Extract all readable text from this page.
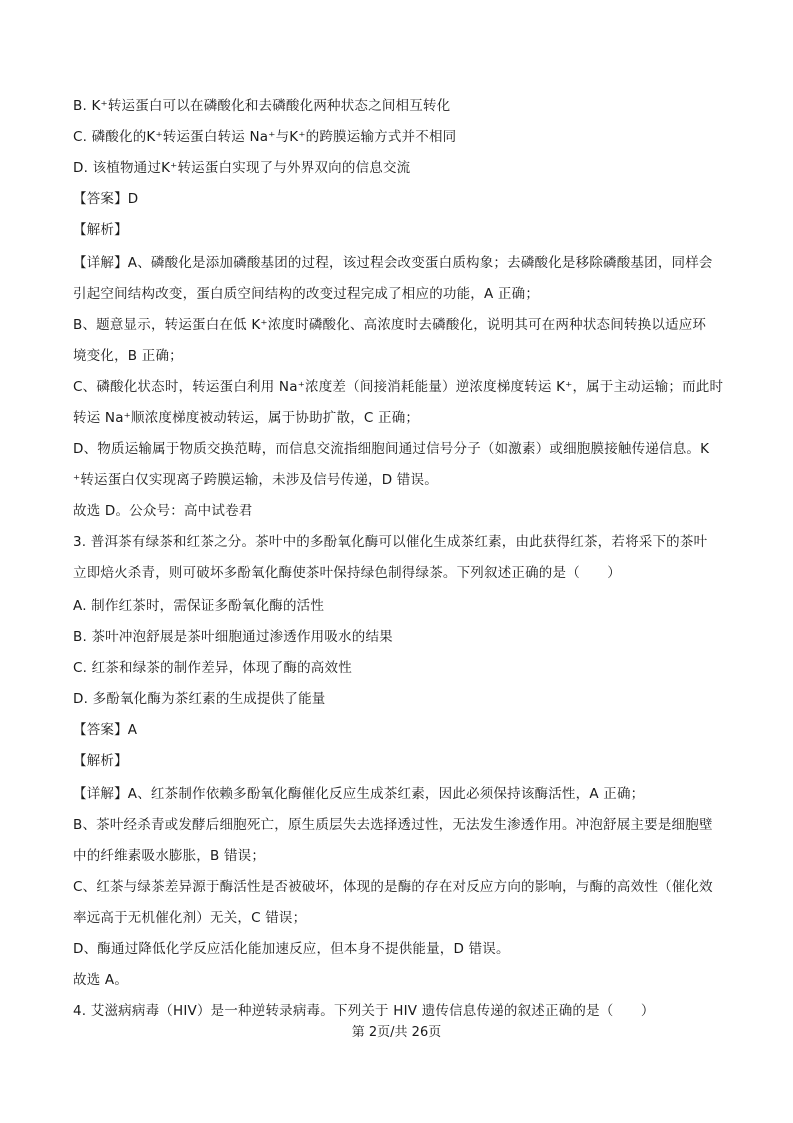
B. K⁺转运蛋白可以在磷酸化和去磷酸化两种状态之间相互转化
C. 磷酸化的K⁺转运蛋白转运 Na⁺与K⁺的跨膜运输方式并不相同
D. 该植物通过K⁺转运蛋白实现了与外界双向的信息交流
【答案】D
【解析】
【详解】A、磷酸化是添加磷酸基团的过程，该过程会改变蛋白质构象；去磷酸化是移除磷酸基团，同样会
引起空间结构改变，蛋白质空间结构的改变过程完成了相应的功能，A 正确；
B、题意显示，转运蛋白在低 K⁺浓度时磷酸化、高浓度时去磷酸化，说明其可在两种状态间转换以适应环
境变化，B 正确；
C、磷酸化状态时，转运蛋白利用 Na⁺浓度差（间接消耗能量）逆浓度梯度转运 K⁺，属于主动运输；而此时
转运 Na⁺顺浓度梯度被动转运，属于协助扩散，C 正确；
D、物质运输属于物质交换范畴，而信息交流指细胞间通过信号分子（如激素）或细胞膜接触传递信息。K
⁺转运蛋白仅实现离子跨膜运输，未涉及信号传递，D 错误。
故选 D。公众号：高中试卷君
3. 普洱茶有绿茶和红茶之分。茶叶中的多酚氧化酶可以催化生成茶红素，由此获得红茶，若将采下的茶叶
立即焙火杀青，则可破坏多酚氧化酶使茶叶保持绿色制得绿茶。下列叙述正确的是（　　）
A. 制作红茶时，需保证多酚氧化酶的活性
B. 茶叶冲泡舒展是茶叶细胞通过渗透作用吸水的结果
C. 红茶和绿茶的制作差异，体现了酶的高效性
D. 多酚氧化酶为茶红素的生成提供了能量
【答案】A
【解析】
【详解】A、红茶制作依赖多酚氧化酶催化反应生成茶红素，因此必须保持该酶活性，A 正确；
B、茶叶经杀青或发酵后细胞死亡，原生质层失去选择透过性，无法发生渗透作用。冲泡舒展主要是细胞壁
中的纤维素吸水膨胀，B 错误；
C、红茶与绿茶差异源于酶活性是否被破坏，体现的是酶的存在对反应方向的影响，与酶的高效性（催化效
率远高于无机催化剂）无关，C 错误；
D、酶通过降低化学反应活化能加速反应，但本身不提供能量，D 错误。
故选 A。
4. 艾滋病病毒（HIV）是一种逆转录病毒。下列关于 HIV 遗传信息传递的叙述正确的是（　　）
第 2页/共 26页
